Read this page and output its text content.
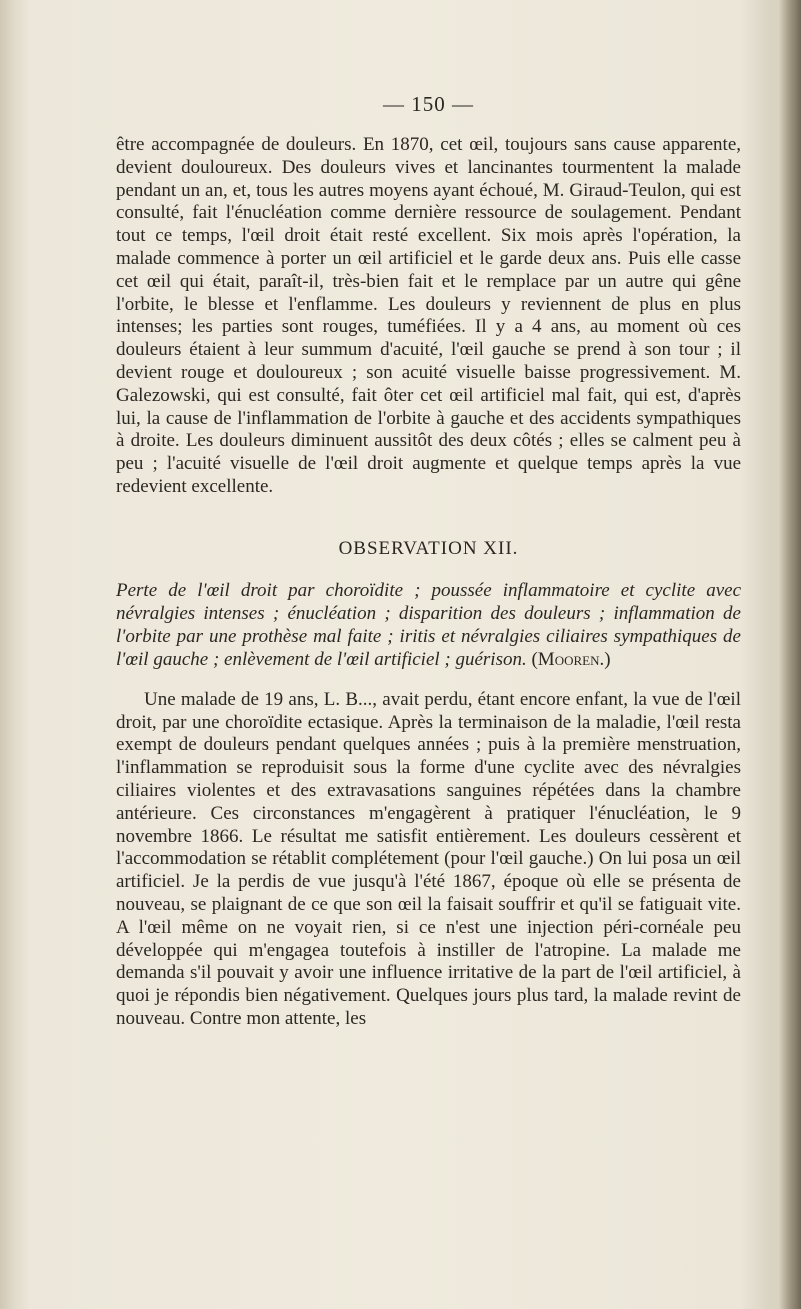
— 150 —

être accompagnée de douleurs. En 1870, cet œil, toujours sans cause apparente, devient douloureux. Des douleurs vives et lancinantes tourmentent la malade pendant un an, et, tous les autres moyens ayant échoué, M. Giraud-Teulon, qui est consulté, fait l'énucléation comme dernière ressource de soulagement. Pendant tout ce temps, l'œil droit était resté excellent. Six mois après l'opération, la malade commence à porter un œil artificiel et le garde deux ans. Puis elle casse cet œil qui était, paraît-il, très-bien fait et le remplace par un autre qui gêne l'orbite, le blesse et l'enflamme. Les douleurs y reviennent de plus en plus intenses; les parties sont rouges, tuméfiées. Il y a 4 ans, au moment où ces douleurs étaient à leur summum d'acuité, l'œil gauche se prend à son tour ; il devient rouge et douloureux ; son acuité visuelle baisse progressivement. M. Galezowski, qui est consulté, fait ôter cet œil artificiel mal fait, qui est, d'après lui, la cause de l'inflammation de l'orbite à gauche et des accidents sympathiques à droite. Les douleurs diminuent aussitôt des deux côtés ; elles se calment peu à peu ; l'acuité visuelle de l'œil droit augmente et quelque temps après la vue redevient excellente.

OBSERVATION XII.

Perte de l'œil droit par choroïdite ; poussée inflammatoire et cyclite avec névralgies intenses ; énucléation ; disparition des douleurs ; inflammation de l'orbite par une prothèse mal faite ; iritis et névralgies ciliaires sympathiques de l'œil gauche ; enlèvement de l'œil artificiel ; guérison. (Mooren.)

Une malade de 19 ans, L. B..., avait perdu, étant encore enfant, la vue de l'œil droit, par une choroïdite ectasique. Après la terminaison de la maladie, l'œil resta exempt de douleurs pendant quelques années ; puis à la première menstruation, l'inflammation se reproduisit sous la forme d'une cyclite avec des névralgies ciliaires violentes et des extravasations sanguines répétées dans la chambre antérieure. Ces circonstances m'engagèrent à pratiquer l'énucléation, le 9 novembre 1866. Le résultat me satisfit entièrement. Les douleurs cessèrent et l'accommodation se rétablit complétement (pour l'œil gauche.) On lui posa un œil artificiel. Je la perdis de vue jusqu'à l'été 1867, époque où elle se présenta de nouveau, se plaignant de ce que son œil la faisait souffrir et qu'il se fatiguait vite. A l'œil même on ne voyait rien, si ce n'est une injection péri-cornéale peu développée qui m'engagea toutefois à instiller de l'atropine. La malade me demanda s'il pouvait y avoir une influence irritative de la part de l'œil artificiel, à quoi je répondis bien négativement. Quelques jours plus tard, la malade revint de nouveau. Contre mon attente, les
